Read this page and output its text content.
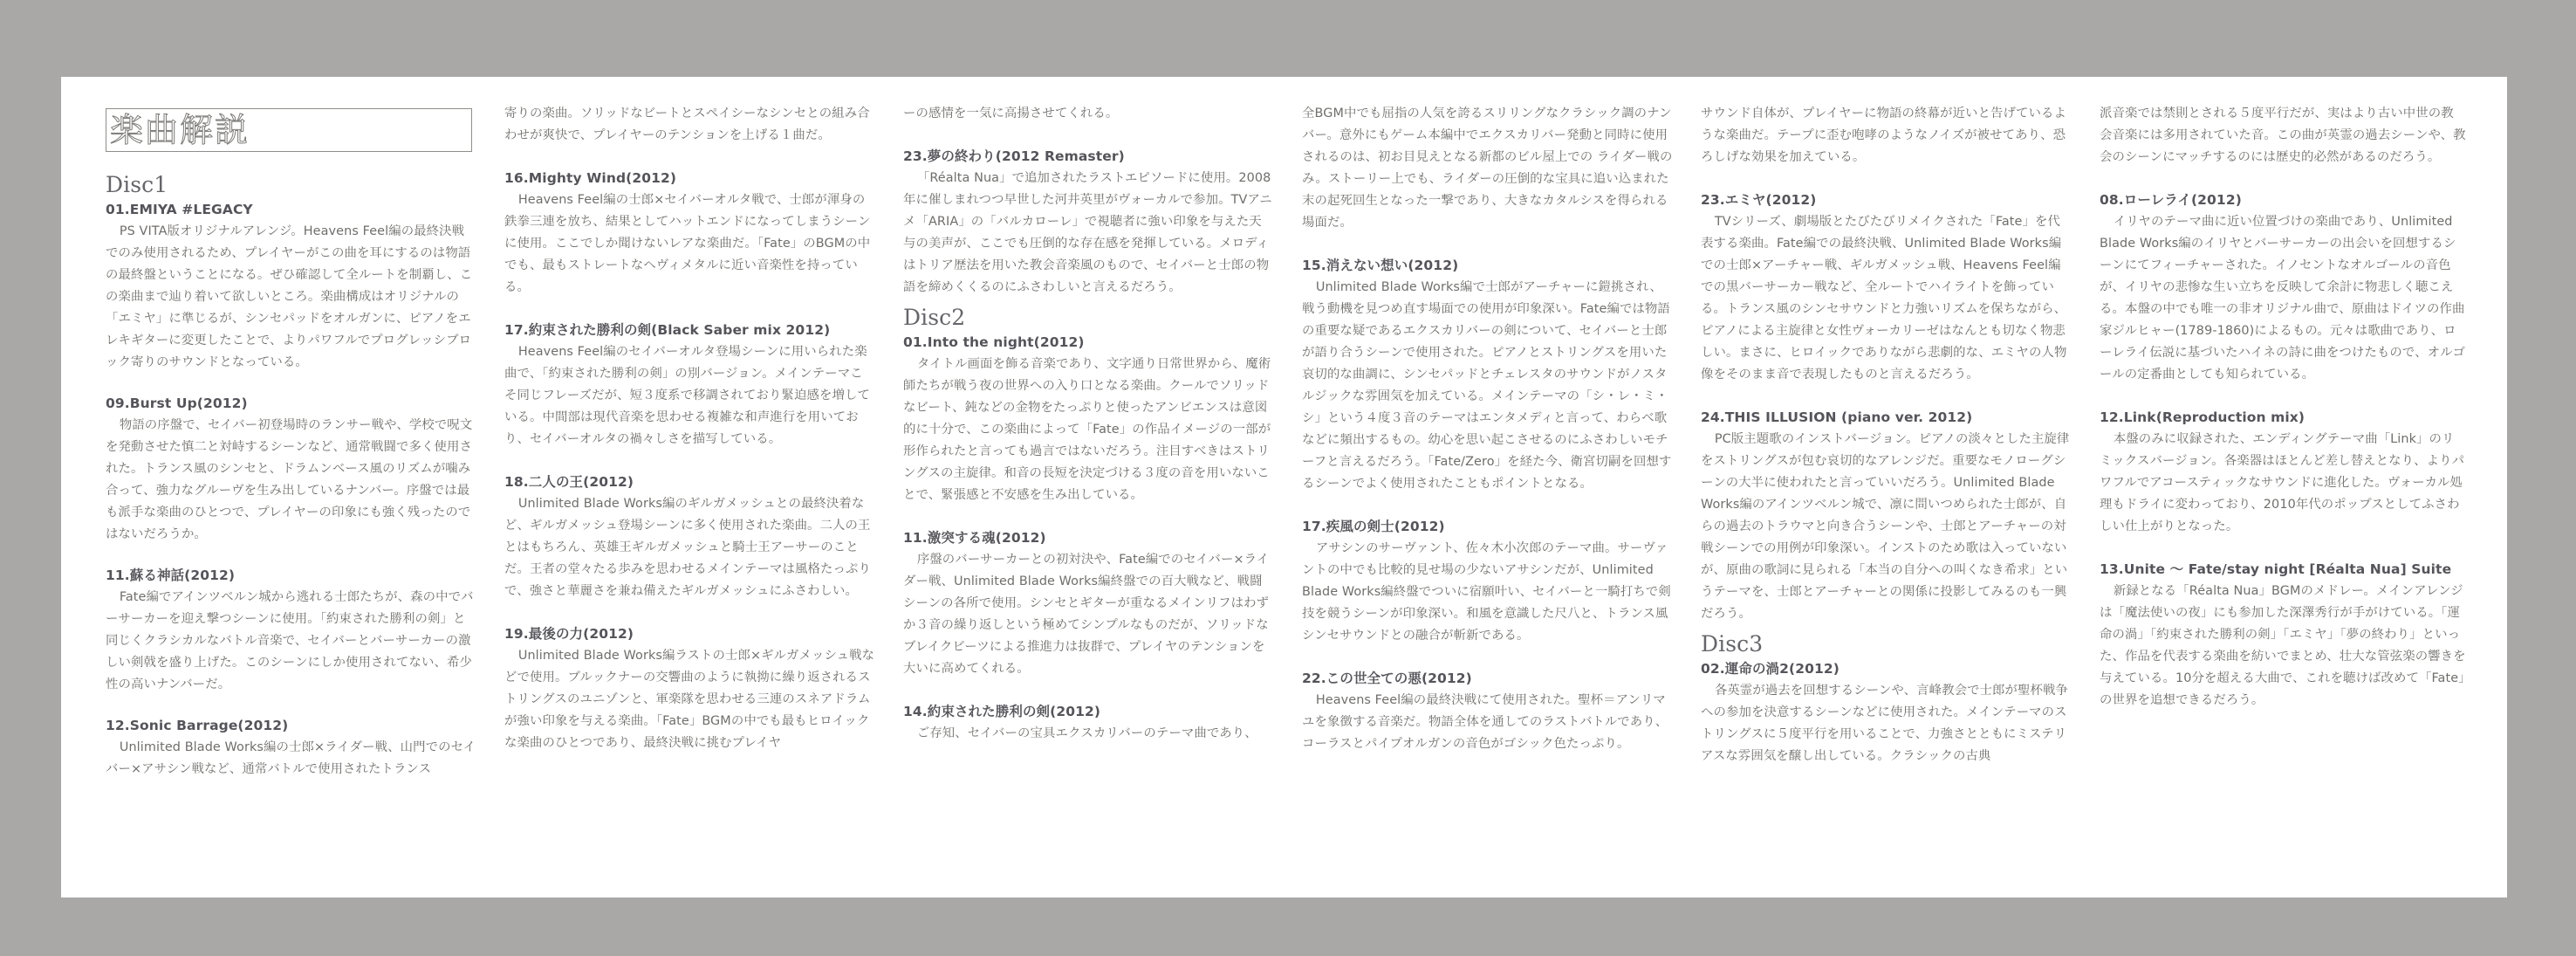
楽曲解説
Disc1
01.EMIYA #LEGACY

PS VITA版オリジナルアレンジ。Heavens Feel編の最終決戦でのみ使用されるため、プレイヤーがこの曲を耳にするのは物語の最終盤ということになる。ぜひ確認して全ルートを制覇し、この楽曲まで辿り着いて欲しいところ。楽曲構成はオリジナルの「エミヤ」に準じるが、シンセパッドをオルガンに、ピアノをエレキギターに変更したことで、よりパワフルでプログレッシブロック寄りのサウンドとなっている。

09.Burst Up(2012)

物語の序盤で、セイバー初登場時のランサー戦や、学校で呪文を発動させた慎二と対峙するシーンなど、通常戦闘で多く使用された。トランス風のシンセと、ドラムンベース風のリズムが噛み合って、強力なグルーヴを生み出しているナンバー。序盤では最も派手な楽曲のひとつで、プレイヤーの印象にも強く残ったのではないだろうか。

11.蘇る神話(2012)

Fate編でアインツベルン城から逃れる士郎たちが、森の中でバーサーカーを迎え撃つシーンに使用。「約束された勝利の剣」と同じくクラシカルなバトル音楽で、セイバーとバーサーカーの激しい剣戟を盛り上げた。このシーンにしか使用されてない、希少性の高いナンバーだ。

12.Sonic Barrage(2012)

Unlimited Blade Works編の士郎×ライダー戦、山門でのセイバー×アサシン戦など、通常バトルで使用されたトランス

寄りの楽曲。ソリッドなビートとスペイシーなシンセとの組み合わせが爽快で、プレイヤーのテンションを上げる１曲だ。

16.Mighty Wind(2012)

Heavens Feel編の士郎×セイバーオルタ戦で、士郎が渾身の鉄拳三連を放ち、結果としてハットエンドになってしまうシーンに使用。ここでしか聞けないレアな楽曲だ。「Fate」のBGMの中でも、最もストレートなヘヴィメタルに近い音楽性を持っている。

17.約束された勝利の剣(Black Saber mix 2012)

Heavens Feel編のセイバーオルタ登場シーンに用いられた楽曲で、「約束された勝利の剣」の別バージョン。メインテーマこそ同じフレーズだが、短３度系で移調されており緊迫感を増している。中間部は現代音楽を思わせる複雑な和声進行を用いており、セイバーオルタの禍々しさを描写している。

18.二人の王(2012)

Unlimited Blade Works編のギルガメッシュとの最終決着など、ギルガメッシュ登場シーンに多く使用された楽曲。二人の王とはもちろん、英雄王ギルガメッシュと騎士王アーサーのことだ。王者の堂々たる歩みを思わせるメインテーマは風格たっぷりで、強さと華麗さを兼ね備えたギルガメッシュにふさわしい。

19.最後の力(2012)

Unlimited Blade Works編ラストの士郎×ギルガメッシュ戦などで使用。ブルックナーの交響曲のように執拗に繰り返されるストリングスのユニゾンと、軍楽隊を思わせる三連のスネアドラムが強い印象を与える楽曲。「Fate」BGMの中でも最もヒロイックな楽曲のひとつであり、最終決戦に挑むプレイヤ

ーの感情を一気に高揚させてくれる。

23.夢の終わり(2012 Remaster)

「Réalta Nua」で追加されたラストエピソードに使用。2008年に催しまれつつ早世した河井英里がヴォーカルで参加。TVアニメ「ARIA」の「バルカローレ」で視聴者に強い印象を与えた天与の美声が、ここでも圧倒的な存在感を発揮している。メロディはトリア歴法を用いた教会音楽風のもので、セイバーと士郎の物語を締めくくるのにふさわしいと言えるだろう。

Disc2
01.Into the night(2012)

タイトル画面を飾る音楽であり、文字通り日常世界から、魔術師たちが戦う夜の世界への入り口となる楽曲。クールでソリッドなビート、鈍などの金物をたっぷりと使ったアンビエンスは意図的に十分で、この楽曲によって「Fate」の作品イメージの一部が形作られたと言っても過言ではないだろう。注目すべきはストリングスの主旋律。和音の長短を決定づける３度の音を用いないことで、緊張感と不安感を生み出している。

11.激突する魂(2012)

序盤のバーサーカーとの初対決や、Fate編でのセイバー×ライダー戦、Unlimited Blade Works編終盤での百大戦など、戦闘シーンの各所で使用。シンセとギターが重なるメインリフはわずか３音の繰り返しという極めてシンプルなものだが、ソリッドなブレイクビーツによる推進力は抜群で、プレイヤのテンションを大いに高めてくれる。

14.約束された勝利の剣(2012)

ご存知、セイバーの宝具エクスカリバーのテーマ曲であり、

全BGM中でも屈指の人気を誇るスリリングなクラシック調のナンバー。意外にもゲーム本編中でエクスカリバー発動と同時に使用されるのは、初お目見えとなる新都のビル屋上での ライダー戦のみ。ストーリー上でも、ライダーの圧倒的な宝具に追い込まれた末の起死回生となった一撃であり、大きなカタルシスを得られる場面だ。

15.消えない想い(2012)

Unlimited Blade Works編で士郎がアーチャーに鎧挑され、戦う動機を見つめ直す場面での使用が印象深い。Fate編では物語の重要な疑であるエクスカリバーの剣について、セイバーと士郎が語り合うシーンで使用された。ピアノとストリングスを用いた哀切的な曲調に、シンセパッドとチェレスタのサウンドがノスタルジックな雰囲気を加えている。メインテーマの「シ・レ・ミ・シ」という４度３音のテーマはエンタメディと言って、わらべ歌などに頻出するもの。幼心を思い起こさせるのにふさわしいモチーフと言えるだろう。「Fate/Zero」を経た今、衛宮切嗣を回想するシーンでよく使用されたこともポイントとなる。

17.疾風の剣士(2012)

アサシンのサーヴァント、佐々木小次郎のテーマ曲。サーヴァントの中でも比較的見せ場の少ないアサシンだが、Unlimited Blade Works編終盤でついに宿願叶い、セイバーと一騎打ちで剣技を競うシーンが印象深い。和風を意識した尺八と、トランス風シンセサウンドとの融合が斬新である。

22.この世全ての悪(2012)

Heavens Feel編の最終決戦にて使用された。聖杯＝アンリマユを象徴する音楽だ。物語全体を通してのラストバトルであり、コーラスとパイプオルガンの音色がゴシック色たっぷり。

サウンド自体が、プレイヤーに物語の終幕が近いと告げているような楽曲だ。テープに歪む咆哮のようなノイズが被せてあり、恐ろしげな効果を加えている。

23.エミヤ(2012)

TVシリーズ、劇場版とたびたびリメイクされた「Fate」を代表する楽曲。Fate編での最終決戦、Unlimited Blade Works編での士郎×アーチャー戦、ギルガメッシュ戦、Heavens Feel編での黒バーサーカー戦など、全ルートでハイライトを飾っている。トランス風のシンセサウンドと力強いリズムを保ちながら、ピアノによる主旋律と女性ヴォーカリーゼはなんとも切なく物悲しい。まさに、ヒロイックでありながら悲劇的な、エミヤの人物像をそのまま音で表現したものと言えるだろう。

24.THIS ILLUSION (piano ver. 2012)

PC版主題歌のインストバージョン。ピアノの淡々とした主旋律をストリングスが包む哀切的なアレンジだ。重要なモノローグシーンの大半に使われたと言っていいだろう。Unlimited Blade Works編のアインツベルン城で、凛に問いつめられた士郎が、自らの過去のトラウマと向き合うシーンや、士郎とアーチャーの対戦シーンでの用例が印象深い。インストのため歌は入っていないが、原曲の歌詞に見られる「本当の自分への叫くなき希求」というテーマを、士郎とアーチャーとの関係に投影してみるのも一興だろう。

Disc3
02.運命の渦2(2012)

各英霊が過去を回想するシーンや、言峰教会で士郎が聖杯戦争への参加を決意するシーンなどに使用された。メインテーマのストリングスに５度平行を用いることで、力強さとともにミステリアスな雰囲気を醸し出している。クラシックの古典

派音楽では禁則とされる５度平行だが、実はより古い中世の教会音楽には多用されていた音。この曲が英霊の過去シーンや、教会のシーンにマッチするのには歴史的必然があるのだろう。

08.ローレライ(2012)

イリヤのテーマ曲に近い位置づけの楽曲であり、Unlimited Blade Works編のイリヤとバーサーカーの出会いを回想するシーンにてフィーチャーされた。イノセントなオルゴールの音色が、イリヤの悲惨な生い立ちを反映して余計に物悲しく聴こえる。本盤の中でも唯一の非オリジナル曲で、原曲はドイツの作曲家ジルヒャー(1789-1860)によるもの。元々は歌曲であり、ローレライ伝説に基づいたハイネの詩に曲をつけたもので、オルゴールの定番曲としても知られている。

12.Link(Reproduction mix)

本盤のみに収録された、エンディングテーマ曲「Link」のリミックスバージョン。各楽器はほとんど差し替えとなり、よりパワフルでアコースティックなサウンドに進化した。ヴォーカル処理もドライに変わっており、2010年代のポップスとしてふさわしい仕上がりとなった。

13.Unite ～ Fate/stay night [Réalta Nua] Suite

新録となる「Réalta Nua」BGMのメドレー。メインアレンジは「魔法使いの夜」にも参加した深澤秀行が手がけている。「運命の渦」「約束された勝利の剣」「エミヤ」「夢の終わり」といった、作品を代表する楽曲を紡いでまとめ、壮大な管弦楽の響きを与えている。10分を超える大曲で、これを聴けば改めて「Fate」の世界を追想できるだろう。
